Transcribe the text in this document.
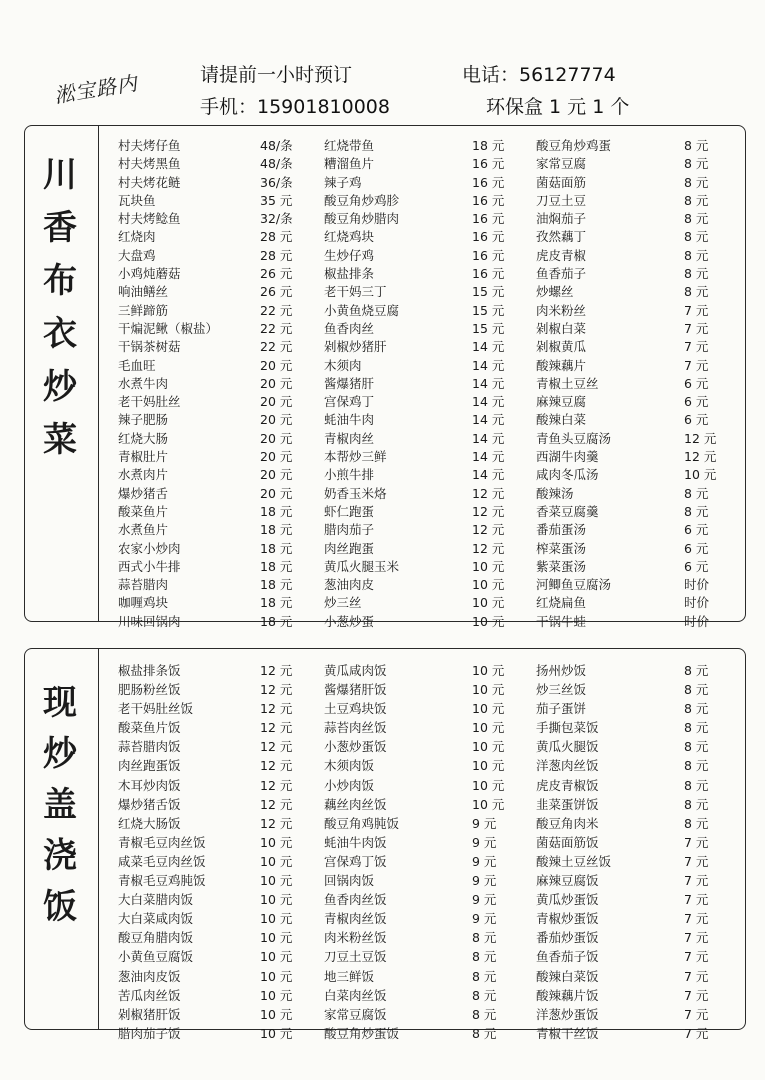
淞宝路内	请提前一小时预订	电话：56127774
手机：15901810008	环保盒 1 元 1 个
川
香
布
衣
炒
菜
村夫烤仔鱼	48/条
村夫烤黑鱼	48/条
村夫烤花鲢	36/条
瓦块鱼	35 元
村夫烤鲶鱼	32/条
红烧肉	28 元
大盘鸡	28 元
小鸡炖蘑菇	26 元
响油鳝丝	26 元
三鲜蹄筋	22 元
干煸泥鳅（椒盐）	22 元
干锅茶树菇	22 元
毛血旺	20 元
水煮牛肉	20 元
老干妈肚丝	20 元
辣子肥肠	20 元
红烧大肠	20 元
青椒肚片	20 元
水煮肉片	20 元
爆炒猪舌	20 元
酸菜鱼片	18 元
水煮鱼片	18 元
农家小炒肉	18 元
西式小牛排	18 元
蒜苔腊肉	18 元
咖喱鸡块	18 元
川味回锅肉	18 元
红烧带鱼	18 元
糟溜鱼片	16 元
辣子鸡	16 元
酸豆角炒鸡胗	16 元
酸豆角炒腊肉	16 元
红烧鸡块	16 元
生炒仔鸡	16 元
椒盐排条	16 元
老干妈三丁	15 元
小黄鱼烧豆腐	15 元
鱼香肉丝	15 元
剁椒炒猪肝	14 元
木须肉	14 元
酱爆猪肝	14 元
宫保鸡丁	14 元
蚝油牛肉	14 元
青椒肉丝	14 元
本帮炒三鲜	14 元
小煎牛排	14 元
奶香玉米烙	12 元
虾仁跑蛋	12 元
腊肉茄子	12 元
肉丝跑蛋	12 元
黄瓜火腿玉米	10 元
葱油肉皮	10 元
炒三丝	10 元
小葱炒蛋	10 元
酸豆角炒鸡蛋	8 元
家常豆腐	8 元
菌菇面筋	8 元
刀豆土豆	8 元
油焖茄子	8 元
孜然藕丁	8 元
虎皮青椒	8 元
鱼香茄子	8 元
炒螺丝	8 元
肉米粉丝	7 元
剁椒白菜	7 元
剁椒黄瓜	7 元
酸辣藕片	7 元
青椒土豆丝	6 元
麻辣豆腐	6 元
酸辣白菜	6 元
青鱼头豆腐汤	12 元
西湖牛肉羹	12 元
咸肉冬瓜汤	10 元
酸辣汤	8 元
香菜豆腐羹	8 元
番茄蛋汤	6 元
榨菜蛋汤	6 元
紫菜蛋汤	6 元
河鲫鱼豆腐汤	时价
红烧扁鱼	时价
干锅牛蛙	时价
现
炒
盖
浇
饭
椒盐排条饭	12 元
肥肠粉丝饭	12 元
老干妈肚丝饭	12 元
酸菜鱼片饭	12 元
蒜苔腊肉饭	12 元
肉丝跑蛋饭	12 元
木耳炒肉饭	12 元
爆炒猪舌饭	12 元
红烧大肠饭	12 元
青椒毛豆肉丝饭	10 元
咸菜毛豆肉丝饭	10 元
青椒毛豆鸡肫饭	10 元
大白菜腊肉饭	10 元
大白菜咸肉饭	10 元
酸豆角腊肉饭	10 元
小黄鱼豆腐饭	10 元
葱油肉皮饭	10 元
苦瓜肉丝饭	10 元
剁椒猪肝饭	10 元
腊肉茄子饭	10 元
黄瓜咸肉饭	10 元
酱爆猪肝饭	10 元
土豆鸡块饭	10 元
蒜苔肉丝饭	10 元
小葱炒蛋饭	10 元
木须肉饭	10 元
小炒肉饭	10 元
藕丝肉丝饭	10 元
酸豆角鸡肫饭	9 元
蚝油牛肉饭	9 元
宫保鸡丁饭	9 元
回锅肉饭	9 元
鱼香肉丝饭	9 元
青椒肉丝饭	9 元
肉米粉丝饭	8 元
刀豆土豆饭	8 元
地三鲜饭	8 元
白菜肉丝饭	8 元
家常豆腐饭	8 元
酸豆角炒蛋饭	8 元
扬州炒饭	8 元
炒三丝饭	8 元
茄子蛋饼	8 元
手撕包菜饭	8 元
黄瓜火腿饭	8 元
洋葱肉丝饭	8 元
虎皮青椒饭	8 元
韭菜蛋饼饭	8 元
酸豆角肉米	8 元
菌菇面筋饭	7 元
酸辣土豆丝饭	7 元
麻辣豆腐饭	7 元
黄瓜炒蛋饭	7 元
青椒炒蛋饭	7 元
番茄炒蛋饭	7 元
鱼香茄子饭	7 元
酸辣白菜饭	7 元
酸辣藕片饭	7 元
洋葱炒蛋饭	7 元
青椒干丝饭	7 元
